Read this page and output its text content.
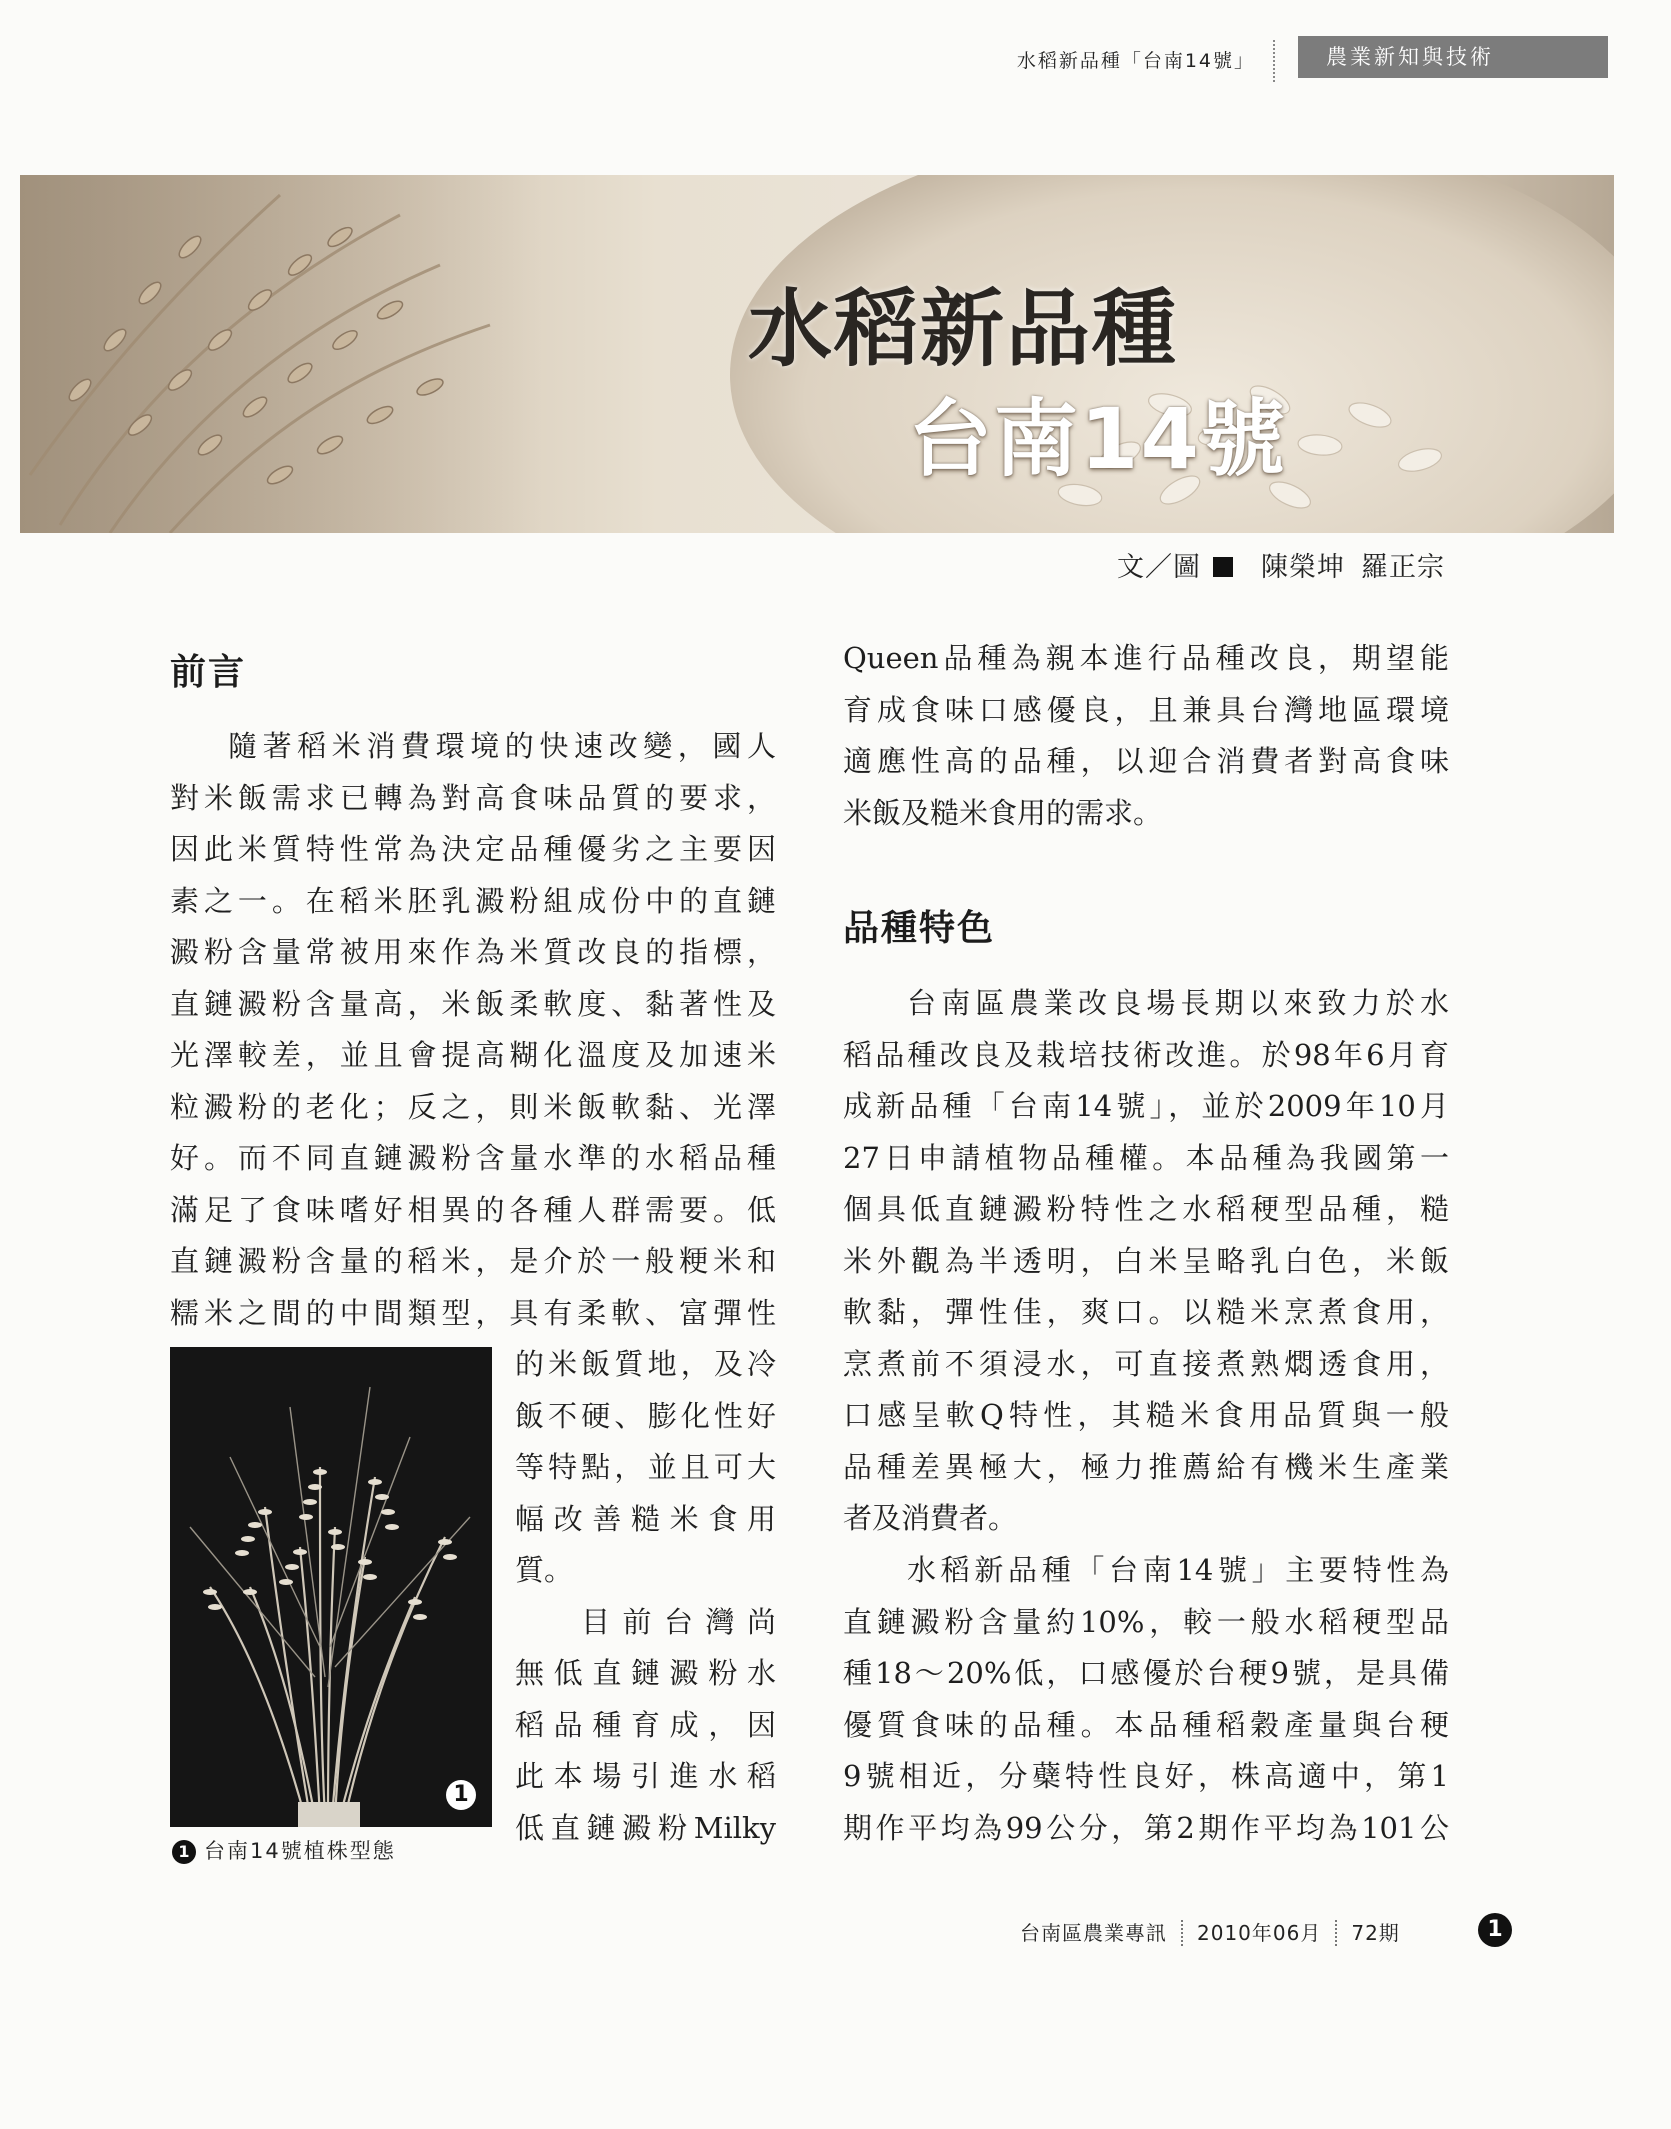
水稻新品種「台南14號」	農業新知與技術
水稻新品種
台南14號
文／圖 陳榮坤 羅正宗
前言
隨著稻米消費環境的快速改變，國人
對米飯需求已轉為對高食味品質的要求，
因此米質特性常為決定品種優劣之主要因
素之一。在稻米胚乳澱粉組成份中的直鏈
澱粉含量常被用來作為米質改良的指標，
直鏈澱粉含量高，米飯柔軟度、黏著性及
光澤較差，並且會提高糊化溫度及加速米
粒澱粉的老化；反之，則米飯軟黏、光澤
好。而不同直鏈澱粉含量水準的水稻品種
滿足了食味嗜好相異的各種人群需要。低
直鏈澱粉含量的稻米，是介於一般粳米和
糯米之間的中間類型，具有柔軟、富彈性
1
1 台南14號植株型態
的米飯質地，及冷
飯不硬、膨化性好
等特點，並且可大
幅改善糙米食用
質。
目前台灣尚
無低直鏈澱粉水
稻品種育成，因
此本場引進水稻
低直鏈澱粉Milky
Queen品種為親本進行品種改良，期望能
育成食味口感優良，且兼具台灣地區環境
適應性高的品種，以迎合消費者對高食味
米飯及糙米食用的需求。
品種特色
台南區農業改良場長期以來致力於水
稻品種改良及栽培技術改進。於98年6月育
成新品種「台南14號」，並於2009年10月
27日申請植物品種權。本品種為我國第一
個具低直鏈澱粉特性之水稻稉型品種，糙
米外觀為半透明，白米呈略乳白色，米飯
軟黏，彈性佳，爽口。以糙米烹煮食用，
烹煮前不須浸水，可直接煮熟燜透食用，
口感呈軟Q特性，其糙米食用品質與一般
品種差異極大，極力推薦給有機米生產業
者及消費者。
水稻新品種「台南14號」主要特性為
直鏈澱粉含量約10%，較一般水稻稉型品
種18～20%低，口感優於台稉9號，是具備
優質食味的品種。本品種稻穀產量與台稉
9號相近，分蘗特性良好，株高適中，第1
期作平均為99公分，第2期作平均為101公
台南區農業專訊 2010年06月 72期	1
